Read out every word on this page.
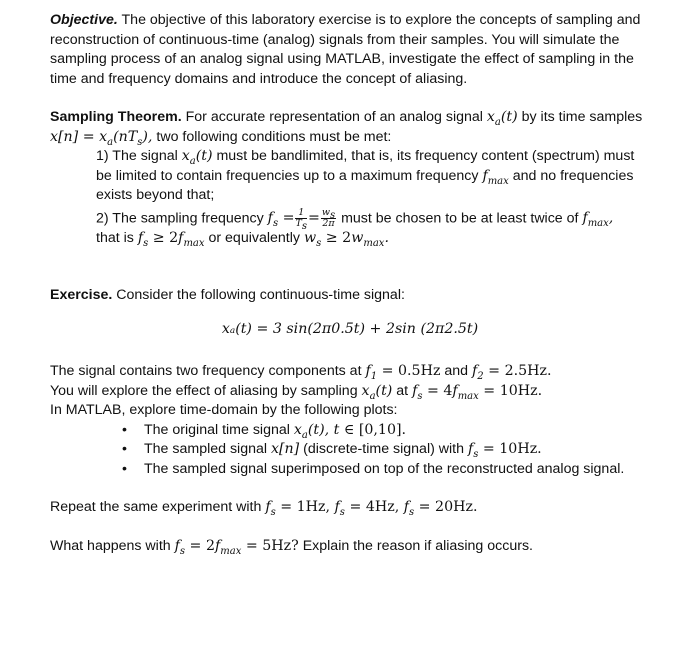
Objective. The objective of this laboratory exercise is to explore the concepts of sampling and reconstruction of continuous-time (analog) signals from their samples. You will simulate the sampling process of an analog signal using MATLAB, investigate the effect of sampling in the time and frequency domains and introduce the concept of aliasing.

Sampling Theorem. For accurate representation of an analog signal $x_a(t)$ by its time samples $x[n] = x_a(nT_s)$, two following conditions must be met:

1) The signal $x_a(t)$ must be bandlimited, that is, its frequency content (spectrum) must be limited to contain frequencies up to a maximum frequency $f_{max}$ and no frequencies exists beyond that;

2) The sampling frequency $f_s = \frac{1}{T_s} = \frac{w_s}{2\pi}$ must be chosen to be at least twice of $f_{max}$,

that is $f_s \ge 2f_{max}$ or equivalently $w_s \ge 2w_{max}$.

Exercise. Consider the following continuous-time signal:

xₐ(t) = 3 sin(2π0.5t) + 2sin (2π2.5t)

The signal contains two frequency components at $f_1 = 0.5Hz$ and $f_2 = 2.5Hz$.

You will explore the effect of aliasing by sampling $x_a(t)$ at $f_s = 4f_{max} = 10Hz$.

In MATLAB, explore time-domain by the following plots:

• The original time signal $x_a(t)$, t ∈ [0,10].
• The sampled signal x[n] (discrete-time signal) with $f_s = 10Hz$.
• The sampled signal superimposed on top of the reconstructed analog signal.

Repeat the same experiment with $f_s = 1Hz$, $f_s = 4Hz$, $f_s = 20Hz$.

What happens with $f_s = 2f_{max} = 5Hz$? Explain the reason if aliasing occurs.
